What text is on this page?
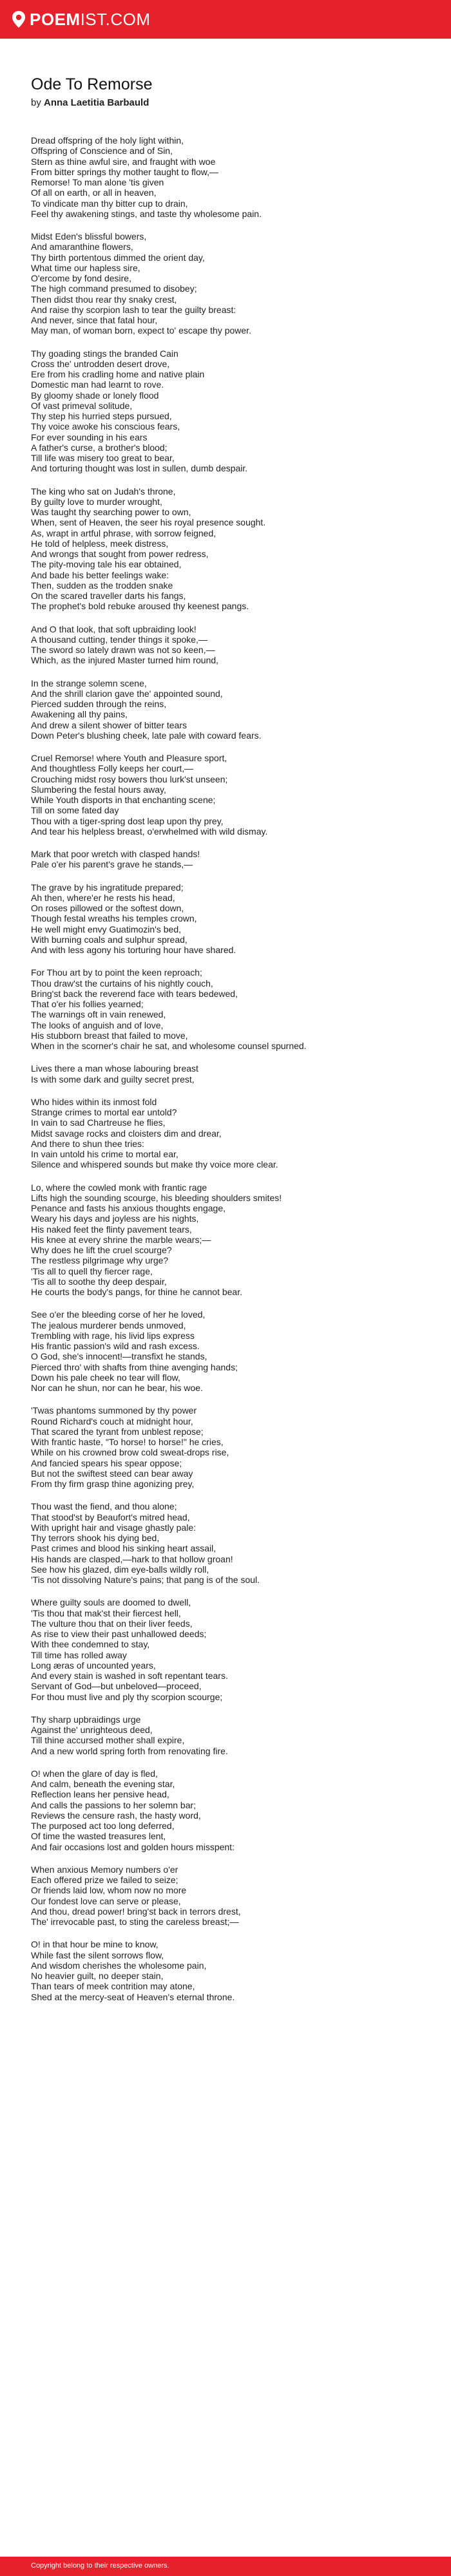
POEM IST.COM
Ode To Remorse
by Anna Laetitia Barbauld
Dread offspring of the holy light within,
Offspring of Conscience and of Sin,
Stern as thine awful sire, and fraught with woe
From bitter springs thy mother taught to flow,—
Remorse! To man alone 'tis given
Of all on earth, or all in heaven,
To vindicate man thy bitter cup to drain,
Feel thy awakening stings, and taste thy wholesome pain.
Midst Eden's blissful bowers,
And amaranthine flowers,
Thy birth portentous dimmed the orient day,
What time our hapless sire,
O'ercome by fond desire,
The high command presumed to disobey;
Then didst thou rear thy snaky crest,
And raise thy scorpion lash to tear the guilty breast:
And never, since that fatal hour,
May man, of woman born, expect to' escape thy power.
Thy goading stings the branded Cain
Cross the' untrodden desert drove,
Ere from his cradling home and native plain
Domestic man had learnt to rove.
By gloomy shade or lonely flood
Of vast primeval solitude,
Thy step his hurried steps pursued,
Thy voice awoke his conscious fears,
For ever sounding in his ears
A father's curse, a brother's blood;
Till life was misery too great to bear,
And torturing thought was lost in sullen, dumb despair.
The king who sat on Judah's throne,
By guilty love to murder wrought,
Was taught thy searching power to own,
When, sent of Heaven, the seer his royal presence sought.
As, wrapt in artful phrase, with sorrow feigned,
He told of helpless, meek distress,
And wrongs that sought from power redress,
The pity-moving tale his ear obtained,
And bade his better feelings wake:
Then, sudden as the trodden snake
On the scared traveller darts his fangs,
The prophet's bold rebuke aroused thy keenest pangs.
And O that look, that soft upbraiding look!
A thousand cutting, tender things it spoke,—
The sword so lately drawn was not so keen,—
Which, as the injured Master turned him round,
In the strange solemn scene,
And the shrill clarion gave the' appointed sound,
Pierced sudden through the reins,
Awakening all thy pains,
And drew a silent shower of bitter tears
Down Peter's blushing cheek, late pale with coward fears.
Cruel Remorse! where Youth and Pleasure sport,
And thoughtless Folly keeps her court,—
Crouching midst rosy bowers thou lurk'st unseen;
Slumbering the festal hours away,
While Youth disports in that enchanting scene;
Till on some fated day
Thou with a tiger-spring dost leap upon thy prey,
And tear his helpless breast, o'erwhelmed with wild dismay.
Mark that poor wretch with clasped hands!
Pale o'er his parent's grave he stands,—
The grave by his ingratitude prepared;
Ah then, where'er he rests his head,
On roses pillowed or the softest down,
Though festal wreaths his temples crown,
He well might envy Guatimozin's bed,
With burning coals and sulphur spread,
And with less agony his torturing hour have shared.
For Thou art by to point the keen reproach;
Thou draw'st the curtains of his nightly couch,
Bring'st back the reverend face with tears bedewed,
That o'er his follies yearned;
The warnings oft in vain renewed,
The looks of anguish and of love,
His stubborn breast that failed to move,
When in the scorner's chair he sat, and wholesome counsel spurned.
Lives there a man whose labouring breast
Is with some dark and guilty secret prest,
Who hides within its inmost fold
Strange crimes to mortal ear untold?
In vain to sad Chartreuse he flies,
Midst savage rocks and cloisters dim and drear,
And there to shun thee tries:
In vain untold his crime to mortal ear,
Silence and whispered sounds but make thy voice more clear.
Lo, where the cowled monk with frantic rage
Lifts high the sounding scourge, his bleeding shoulders smites!
Penance and fasts his anxious thoughts engage,
Weary his days and joyless are his nights,
His naked feet the flinty pavement tears,
His knee at every shrine the marble wears;—
Why does he lift the cruel scourge?
The restless pilgrimage why urge?
'Tis all to quell thy fiercer rage,
'Tis all to soothe thy deep despair,
He courts the body's pangs, for thine he cannot bear.
See o'er the bleeding corse of her he loved,
The jealous murderer bends unmoved,
Trembling with rage, his livid lips express
His frantic passion's wild and rash excess.
O God, she's innocent!—transfixt he stands,
Pierced thro' with shafts from thine avenging hands;
Down his pale cheek no tear will flow,
Nor can he shun, nor can he bear, his woe.
'Twas phantoms summoned by thy power
Round Richard's couch at midnight hour,
That scared the tyrant from unblest repose;
With frantic haste, "To horse! to horse!" he cries,
While on his crowned brow cold sweat-drops rise,
And fancied spears his spear oppose;
But not the swiftest steed can bear away
From thy firm grasp thine agonizing prey,
Thou wast the fiend, and thou alone;
That stood'st by Beaufort's mitred head,
With upright hair and visage ghastly pale:
Thy terrors shook his dying bed,
Past crimes and blood his sinking heart assail,
His hands are clasped,—hark to that hollow groan!
See how his glazed, dim eye-balls wildly roll,
'Tis not dissolving Nature's pains; that pang is of the soul.
Where guilty souls are doomed to dwell,
'Tis thou that mak'st their fiercest hell,
The vulture thou that on their liver feeds,
As rise to view their past unhallowed deeds;
With thee condemned to stay,
Till time has rolled away
Long æras of uncounted years,
And every stain is washed in soft repentant tears.
Servant of God—but unbeloved—proceed,
For thou must live and ply thy scorpion scourge;
Thy sharp upbraidings urge
Against the' unrighteous deed,
Till thine accursed mother shall expire,
And a new world spring forth from renovating fire.
O! when the glare of day is fled,
And calm, beneath the evening star,
Reflection leans her pensive head,
And calls the passions to her solemn bar;
Reviews the censure rash, the hasty word,
The purposed act too long deferred,
Of time the wasted treasures lent,
And fair occasions lost and golden hours misspent:
When anxious Memory numbers o'er
Each offered prize we failed to seize;
Or friends laid low, whom now no more
Our fondest love can serve or please,
And thou, dread power! bring'st back in terrors drest,
The' irrevocable past, to sting the careless breast;—
O! in that hour be mine to know,
While fast the silent sorrows flow,
And wisdom cherishes the wholesome pain,
No heavier guilt, no deeper stain,
Than tears of meek contrition may atone,
Shed at the mercy-seat of Heaven's eternal throne.
Copyright belong to their respective owners.
